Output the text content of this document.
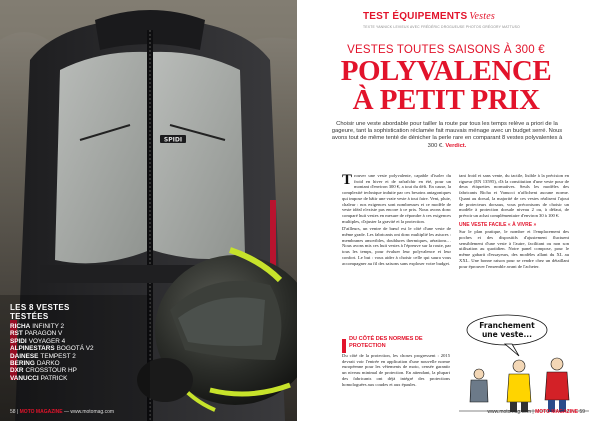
SPIDI
LES 8 VESTES
TESTÉES
RICHA INFINITY 2
RST PARAGON V
SPIDI VOYAGER 4
ALPINESTARS BOGOTÁ V2
DAINESE TEMPEST 2
BERING DARKO
DXR CROSSTOUR HP
VANUCCI PATRICK
58 | MOTO MAGAZINE — www.motomag.com
TEST ÉQUIPEMENTS Vestes
TEXTE YANNICK LEVIEUX AVEC FRÉDÉRIC DROGUEUSE PHOTOS GRÉGORY MATTUSO
VESTES TOUTES SAISONS À 300 €
POLYVALENCE
À PETIT PRIX
Choisir une veste abordable pour tailler la route par tous les temps relève a priori de la gageure, tant la sophistication réclamée fait mauvais ménage avec un budget serré. Nous avons tout de même tenté de dénicher la perle rare en comparant 8 vestes polyvalentes à 300 €. Verdict.
T rouver une veste polyvalente, capable d'isoler du froid en hiver et de rafraîchir en été, pour un montant d'environ 300 €, a tout du défi. En cause, la complexité technique induite par ces besoins antagoniques qui impose de bâtir une vraie veste à tout faire. Vent, pluie, chaleur : nos exigences sont nombreuses et ce modèle de veste idéal n'existe pas encore à ce prix. Nous avons donc comparé huit vestes en mesure de répondre à ces exigences multiples, d'ajuster la gravité et la protection.

D'ailleurs, un ventre de bœuf est le côté d'une veste de même grade. Les fabricants ont donc multiplié les astuces : membranes amovibles, doublures thermiques, aérations… Nous avons mis ces huit vestes à l'épreuve sur la route, par tous les temps, pour évaluer leur polyvalence et leur confort. Le but : vous aider à choisir celle qui saura vous accompagner au fil des saisons sans exploser votre budget.

DU CÔTÉ DES NORMES DE PROTECTION
Du côté de la protection, les choses progressent : 2015 devrait voir l'entrée en application d'une nouvelle norme européenne pour les vêtements de moto, censée garantir un niveau minimal de protection. En attendant, la plupart des fabricants ont déjà intégré des protections homologuées aux coudes et aux épaules.

tant froid et sans vente, du tactile, lisible à la précision en rigueur (EN 13595), d'à la constitution d'une veste pour de deux étiquettes normatives. Seuls les modèles des fabricants Richa et Vanucci n'affichent aucune norme. Quant au dorsal, la majorité de ces vestes réalisent l'ajout de protecteurs dorsaux, vous préconisons de choisir un modèle à protection dorsale niveau 2 ou, à défaut, de prévoir un achat complémentaire d'environ 30 à 100 €.

UNE VESTE FACILE « À VIVRE »

Sur le plan pratique, le nombre et l'emplacement des poches et des dispositifs d'ajustement fluctuent sensiblement d'une veste à l'autre, facilitant ou non son utilisation au quotidien. Notre panel compose, pour le même gabarit d'essayeurs, des modèles allant du XL au XXL. Une bonne raison pour se rendre chez un détaillant pour éprouver l'ensemble avant de l'acheter.

Franchement
une veste...
www.motomag.com | MOTO MAGAZINE 59
